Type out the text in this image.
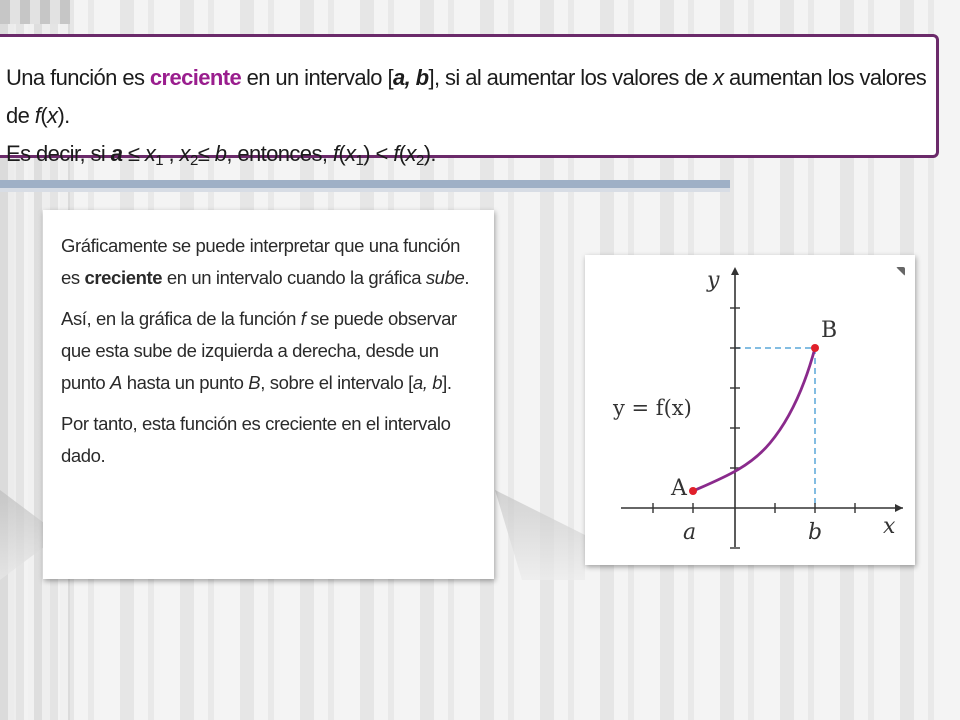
Una función es creciente en un intervalo [a, b], si al aumentar los valores de x aumentan los valores de f(x).
Es decir, si $a \le x_1$ , $x_2\le b$, entonces, $f(x_1) < f(x_2)$.

Gráficamente se puede interpretar que una función es creciente en un intervalo cuando la gráfica sube.

Así, en la gráfica de la función f se puede observar que esta sube de izquierda a derecha, desde un punto A hasta un punto B, sobre el intervalo [a, b].

Por tanto, esta función es creciente en el intervalo dado.

y
x
y = f(x)
A
B
a	b
